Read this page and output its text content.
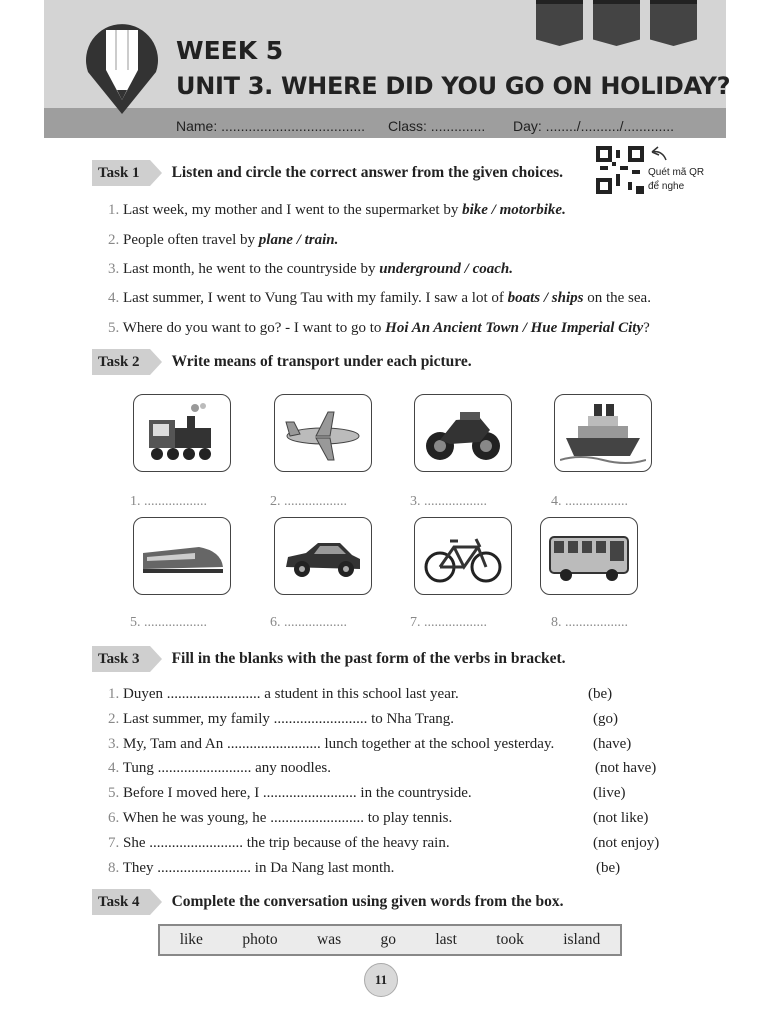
WEEK 5
UNIT 3. WHERE DID YOU GO ON HOLIDAY?
Name: ..................................... Class: .............. Day: ......../........../.............
Quét mã QR
để nghe
Task 1	Listen and circle the correct answer from the given choices.
1. Last week, my mother and I went to the supermarket by bike / motorbike.
2. People often travel by plane / train.
3. Last month, he went to the countryside by underground / coach.
4. Last summer, I went to Vung Tau with my family. I saw a lot of boats / ships on the sea.
5. Where do you want to go? - I want to go to Hoi An Ancient Town / Hue Imperial City?
Task 2	Write means of transport under each picture.
1. ..................	2. ..................	3. ..................	4. ..................
5. ..................	6. ..................	7. ..................	8. ..................
Task 3	Fill in the blanks with the past form of the verbs in bracket.
1. Duyen ......................... a student in this school last year.	(be)
2. Last summer, my family ......................... to Nha Trang.	(go)
3. My, Tam and An ......................... lunch together at the school yesterday.	(have)
4. Tung ......................... any noodles.	(not have)
5. Before I moved here, I ......................... in the countryside.	(live)
6. When he was young, he ......................... to play tennis.	(not like)
7. She ......................... the trip because of the heavy rain.	(not enjoy)
8. They ......................... in Da Nang last month.	(be)
Task 4	Complete the conversation using given words from the box.
like	photo	was	go	last	took	island
11
